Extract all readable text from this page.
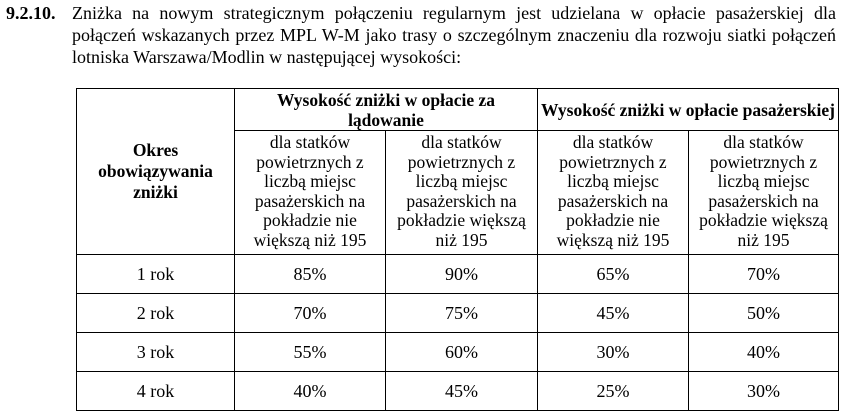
9.2.10. Zniżka na nowym strategicznym połączeniu regularnym jest udzielana w opłacie pasażerskiej dla połączeń wskazanych przez MPL W-M jako trasy o szczególnym znaczeniu dla rozwoju siatki połączeń lotniska Warszawa/Modlin w następującej wysokości:
Okres obowiązywania zniżki	Wysokość zniżki w opłacie za lądowanie		Wysokość zniżki w opłacie pasażerskiej	
	dla statków powietrznych z liczbą miejsc pasażerskich na pokładzie nie większą niż 195	dla statków powietrznych z liczbą miejsc pasażerskich na pokładzie większą niż 195	dla statków powietrznych z liczbą miejsc pasażerskich na pokładzie nie większą niż 195	dla statków powietrznych z liczbą miejsc pasażerskich na pokładzie większą niż 195
1 rok	85%	90%	65%	70%
2 rok	70%	75%	45%	50%
3 rok	55%	60%	30%	40%
4 rok	40%	45%	25%	30%
